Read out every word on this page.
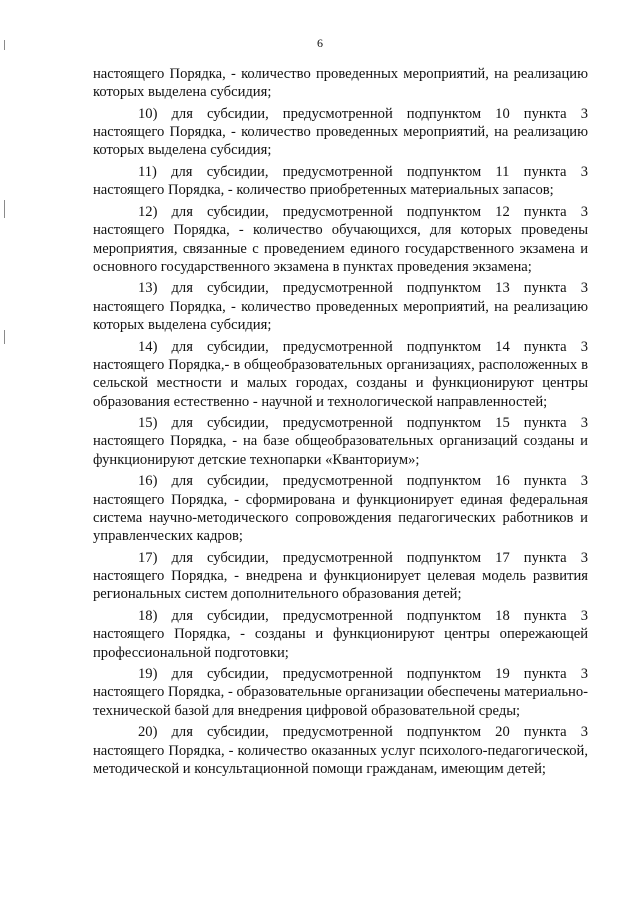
6

настоящего Порядка, - количество проведенных мероприятий, на реализацию которых выделена субсидия;

10) для субсидии, предусмотренной подпунктом 10 пункта 3 настоящего Порядка, - количество проведенных мероприятий, на реализацию которых выделена субсидия;

11) для субсидии, предусмотренной подпунктом 11 пункта 3 настоящего Порядка, - количество приобретенных материальных запасов;

12) для субсидии, предусмотренной подпунктом 12 пункта 3 настоящего Порядка, - количество обучающихся, для которых проведены мероприятия, связанные с проведением единого государственного экзамена и основного государственного экзамена в пунктах проведения экзамена;

13) для субсидии, предусмотренной подпунктом 13 пункта 3 настоящего Порядка, - количество проведенных мероприятий, на реализацию которых выделена субсидия;

14) для субсидии, предусмотренной подпунктом 14 пункта 3 настоящего Порядка,- в общеобразовательных организациях, расположенных в сельской местности и малых городах, созданы и функционируют центры образования естественно - научной и технологической направленностей;

15) для субсидии, предусмотренной подпунктом 15 пункта 3 настоящего Порядка, - на базе общеобразовательных организаций созданы и функционируют детские технопарки «Кванториум»;

16) для субсидии, предусмотренной подпунктом 16 пункта 3 настоящего Порядка, - сформирована и функционирует единая федеральная система научно-методического сопровождения педагогических работников и управленческих кадров;

17) для субсидии, предусмотренной подпунктом 17 пункта 3 настоящего Порядка, - внедрена и функционирует целевая модель развития региональных систем дополнительного образования детей;

18) для субсидии, предусмотренной подпунктом 18 пункта 3 настоящего Порядка, - созданы и функционируют центры опережающей профессиональной подготовки;

19) для субсидии, предусмотренной подпунктом 19 пункта 3 настоящего Порядка, - образовательные организации обеспечены материально-технической базой для внедрения цифровой образовательной среды;

20) для субсидии, предусмотренной подпунктом 20 пункта 3 настоящего Порядка, - количество оказанных услуг психолого-педагогической, методической и консультационной помощи гражданам, имеющим детей;
